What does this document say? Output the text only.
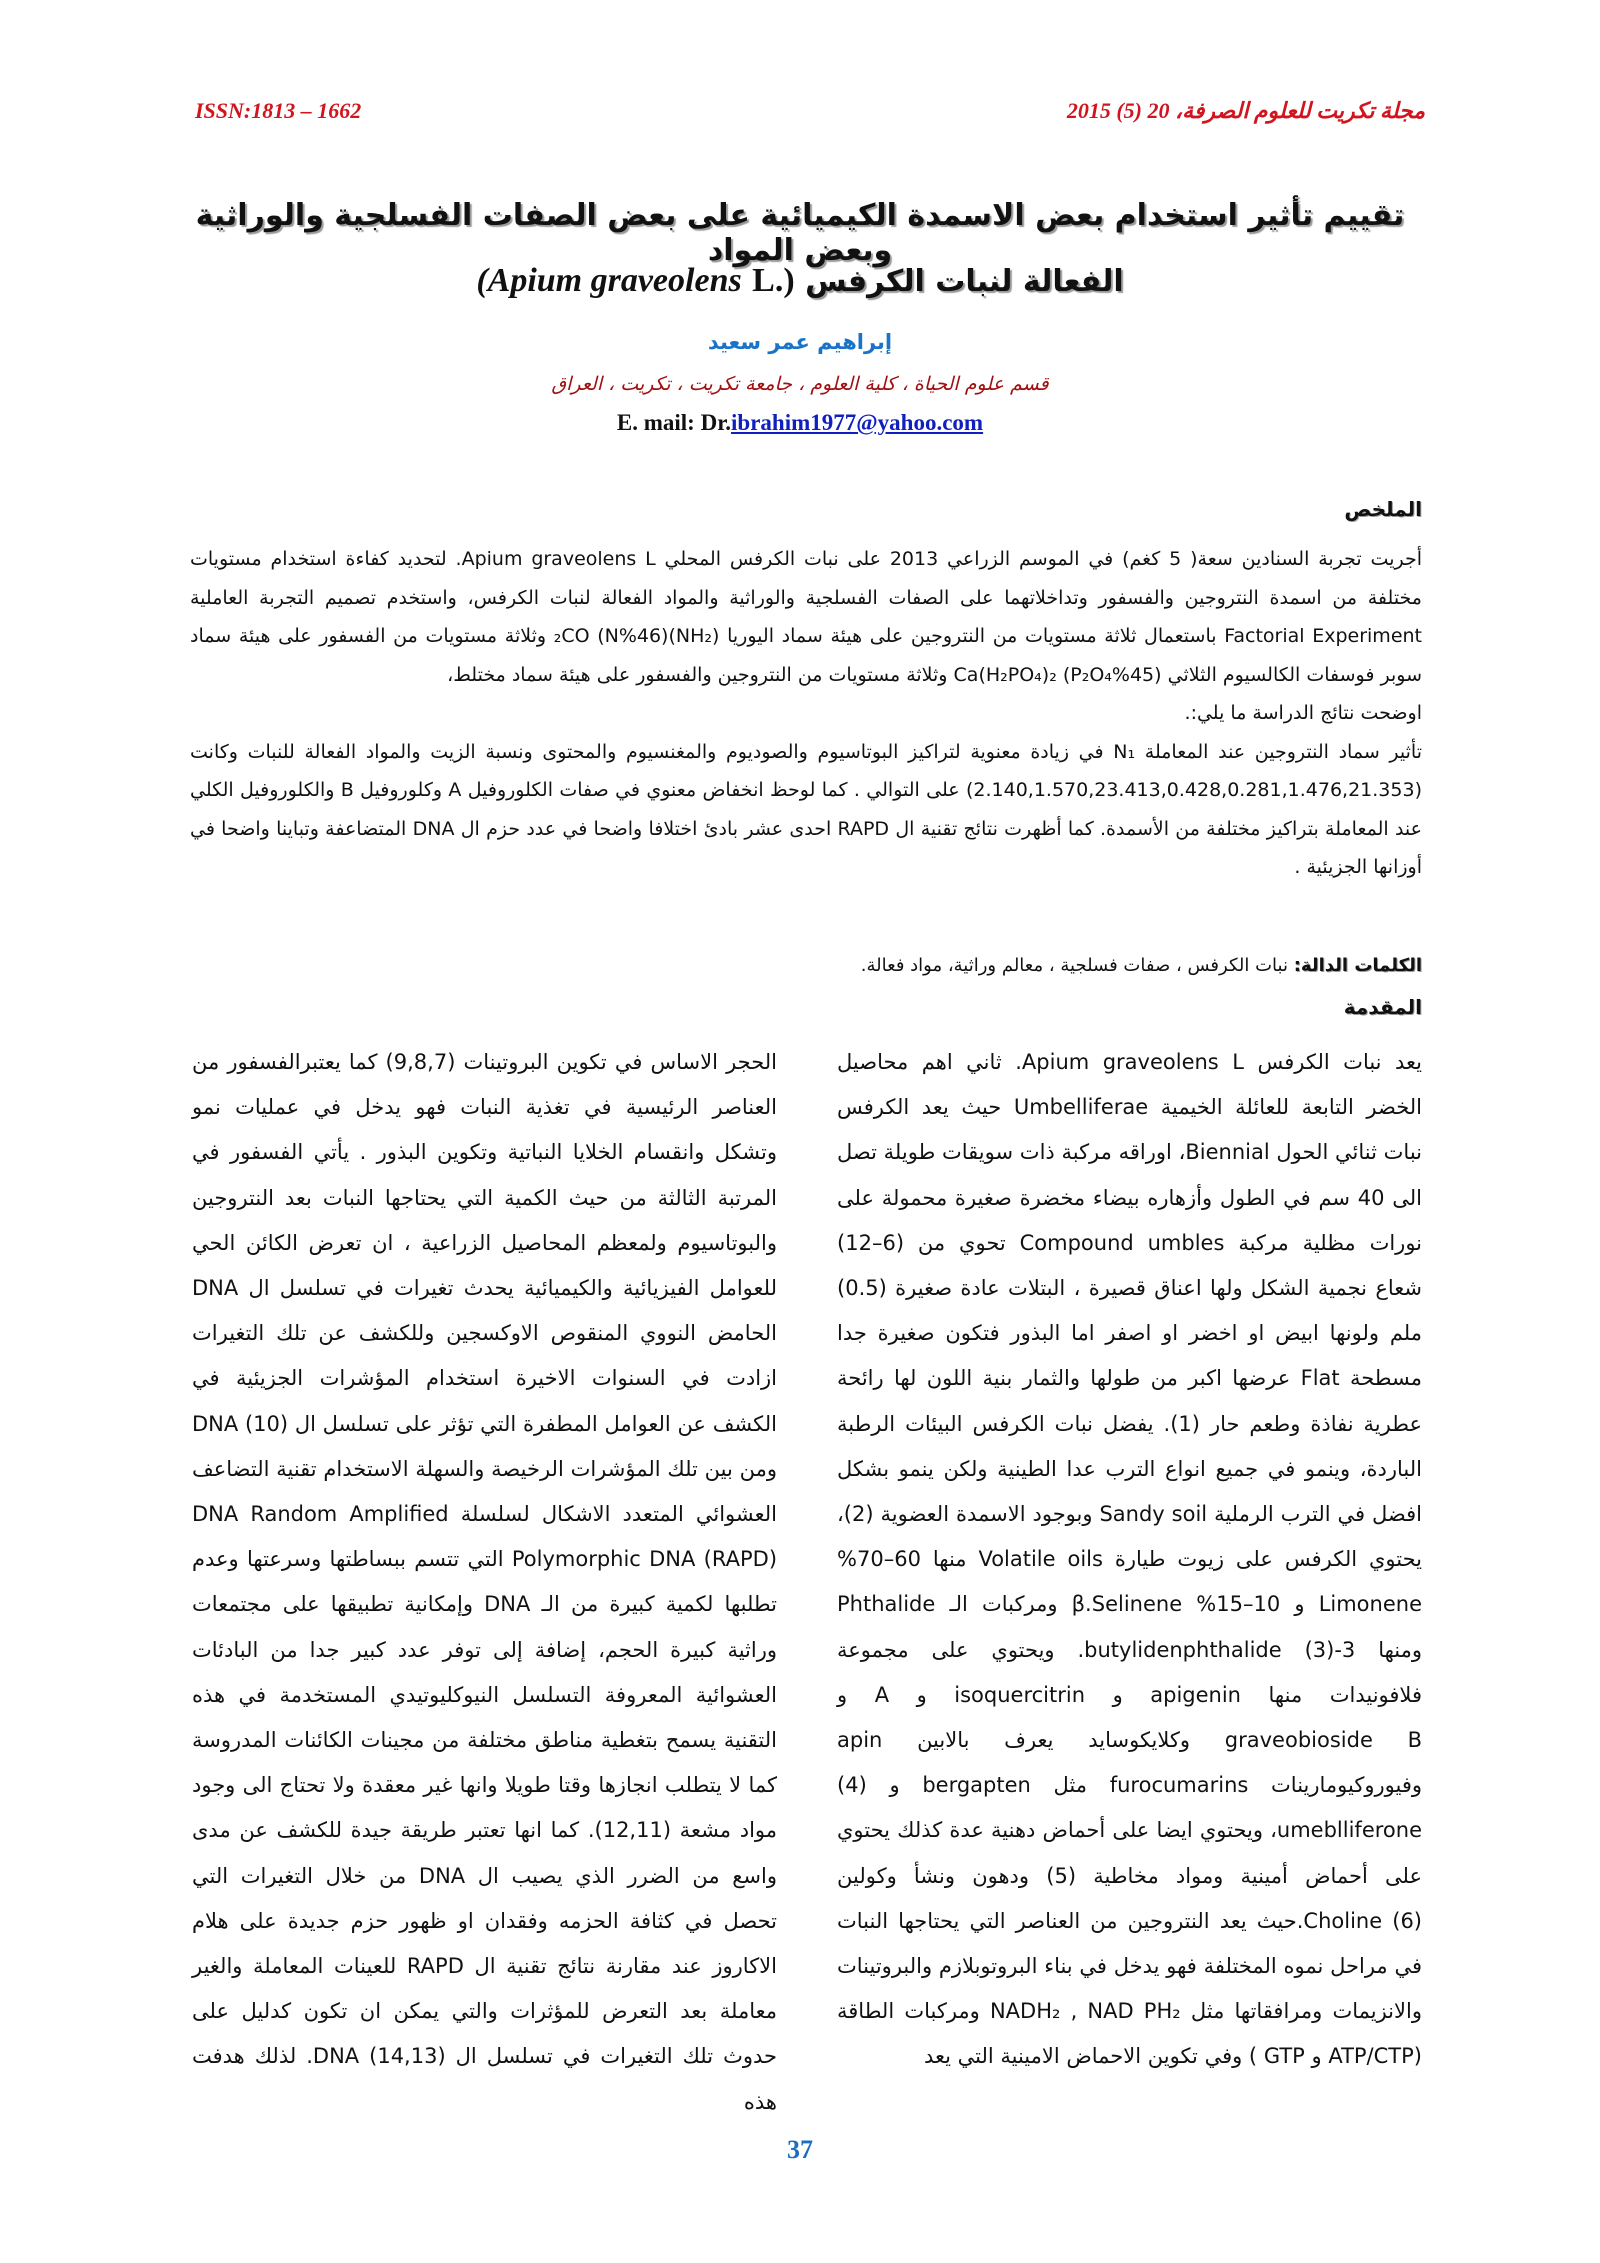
ISSN:1813 – 1662	مجلة تكريت للعلوم الصرفة، 20 (5) 2015
تقييم تأثير استخدام بعض الاسمدة الكيميائية على بعض الصفات الفسلجية والوراثية وبعض المواد
الفعالة لنبات الكرفس (Apium graveolens L.)
إبراهيم عمر سعيد
قسم علوم الحياة ، كلية العلوم ، جامعة تكريت ، تكريت ، العراق
E. mail: Dr.ibrahim1977@yahoo.com
الملخص

أجريت تجربة السنادين سعة( 5 كغم) في الموسم الزراعي 2013 على نبات الكرفس المحلي Apium graveolens L. لتحديد كفاءة استخدام مستويات مختلفة من اسمدة النتروجين والفسفور وتداخلاتهما على الصفات الفسلجية والوراثية والمواد الفعالة لنبات الكرفس، واستخدم تصميم التجربة العاملية Factorial Experiment باستعمال ثلاثة مستويات من النتروجين على هيئة سماد اليوريا (NH₂)₂CO (N%46) وثلاثة مستويات من الفسفور على هيئة سماد سوبر فوسفات الكالسيوم الثلاثي Ca(H₂PO₄)₂ (P₂O₄%45) وثلاثة مستويات من النتروجين والفسفور على هيئة سماد مختلط،

اوضحت نتائج الدراسة ما يلي:.

تأثير سماد النتروجين عند المعاملة N₁ في زيادة معنوية لتراكيز البوتاسيوم والصوديوم والمغنسيوم والمحتوى ونسبة الزيت والمواد الفعالة للنبات وكانت (2.140,1.570,23.413,0.428,0.281,1.476,21.353) على التوالي . كما لوحظ انخفاض معنوي في صفات الكلوروفيل A وكلوروفيل B والكلوروفيل الكلي عند المعاملة بتراكيز مختلفة من الأسمدة. كما أظهرت نتائج تقنية ال RAPD احدى عشر بادئ اختلافا واضحا في عدد حزم ال DNA المتضاعفة وتباينا واضحا في أوزانها الجزيئية .

الكلمات الدالة: نبات الكرفس ، صفات فسلجية ، معالم وراثية، مواد فعالة.
المقدمة

يعد نبات الكرفس Apium graveolens L. ثاني اهم محاصيل الخضر التابعة للعائلة الخيمية Umbelliferae حيث يعد الكرفس نبات ثنائي الحول Biennial، اوراقه مركبة ذات سويقات طويلة تصل الى 40 سم في الطول وأزهاره بيضاء مخضرة صغيرة محمولة على نورات مظلية مركبة Compound umbles تحوي من (6–12) شعاع نجمية الشكل ولها اعناق قصيرة ، البتلات عادة صغيرة (0.5) ملم ولونها ابيض او اخضر او اصفر اما البذور فتكون صغيرة جدا مسطحة Flat عرضها اكبر من طولها والثمار بنية اللون لها رائحة عطرية نفاذة وطعم حار (1). يفضل نبات الكرفس البيئات الرطبة الباردة، وينمو في جميع انواع الترب عدا الطينية ولكن ينمو بشكل افضل في الترب الرملية Sandy soil وبوجود الاسمدة العضوية (2)، يحتوي الكرفس على زيوت طيارة Volatile oils منها 60–70% Limonene و 10–15% β.Selinene ومركبات الـ Phthalide ومنها 3-butylidenphthalide (3). ويحتوي على مجموعة فلافونيدات منها apigenin و isoquercitrin و A و graveobioside B وكلايكوسايد يعرف بالابين apin وفيوروكيومارينات furocumarins مثل bergapten و (4) umeblliferone، ويحتوي ايضا على أحماض دهنية عدة كذلك يحتوي على أحماض أمينية ومواد مخاطية (5) ودهون ونشأ وكولين Choline (6).حيث يعد النتروجين من العناصر التي يحتاجها النبات في مراحل نموه المختلفة فهو يدخل في بناء البروتوبلازم والبروتينات والانزيمات ومرافقاتها مثل NADH₂ , NAD PH₂ ومركبات الطاقة (ATP/CTP و GTP ) وفي تكوين الاحماض الامينية التي يعد

الحجر الاساس في تكوين البروتينات (9,8,7) كما يعتبرالفسفور من العناصر الرئيسية في تغذية النبات فهو يدخل في عمليات نمو وتشكل وانقسام الخلايا النباتية وتكوين البذور . يأتي الفسفور في المرتبة الثالثة من حيث الكمية التي يحتاجها النبات بعد النتروجين والبوتاسيوم ولمعظم المحاصيل الزراعية ، ان تعرض الكائن الحي للعوامل الفيزيائية والكيميائية يحدث تغيرات في تسلسل ال DNA الحامض النووي المنقوص الاوكسجين وللكشف عن تلك التغيرات ازادت في السنوات الاخيرة استخدام المؤشرات الجزيئية في الكشف عن العوامل المطفرة التي تؤثر على تسلسل ال DNA (10) ومن بين تلك المؤشرات الرخيصة والسهلة الاستخدام تقنية التضاعف العشوائي المتعدد الاشكال لسلسلة DNA Random Amplified Polymorphic DNA (RAPD) التي تتسم ببساطتها وسرعتها وعدم تطلبها لكمية كبيرة من الـ DNA وإمكانية تطبيقها على مجتمعات وراثية كبيرة الحجم، إضافة إلى توفر عدد كبير جدا من البادئات العشوائية المعروفة التسلسل النيوكليوتيدي المستخدمة في هذه التقنية يسمح بتغطية مناطق مختلفة من مجينات الكائنات المدروسة كما لا يتطلب انجازها وقتا طويلا وانها غير معقدة ولا تحتاج الى وجود مواد مشعة (12,11). كما انها تعتبر طريقة جيدة للكشف عن مدى واسع من الضرر الذي يصيب ال DNA من خلال التغيرات التي تحصل في كثافة الحزمه وفقدان او ظهور حزم جديدة على هلام الاكاروز عند مقارنة نتائج تقنية ال RAPD للعينات المعاملة والغير معاملة بعد التعرض للمؤثرات والتي يمكن ان تكون كدليل على حدوث تلك التغيرات في تسلسل ال DNA (14,13). لذلك هدفت هذه

37
